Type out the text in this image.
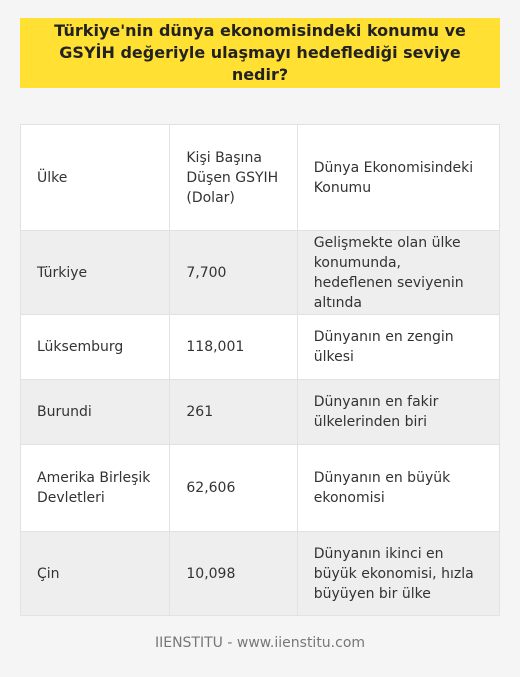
Türkiye'nin dünya ekonomisindeki konumu ve GSYİH değeriyle ulaşmayı hedeflediği seviye nedir?
Ülke	Kişi Başına Düşen GSYIH (Dolar)	Dünya Ekonomisindeki Konumu
Türkiye	7,700	Gelişmekte olan ülke konumunda, hedeflenen seviyenin altında
Lüksemburg	118,001	Dünyanın en zengin ülkesi
Burundi	261	Dünyanın en fakir ülkelerinden biri
Amerika Birleşik Devletleri	62,606	Dünyanın en büyük ekonomisi
Çin	10,098	Dünyanın ikinci en büyük ekonomisi, hızla büyüyen bir ülke
IIENSTITU - www.iienstitu.com
